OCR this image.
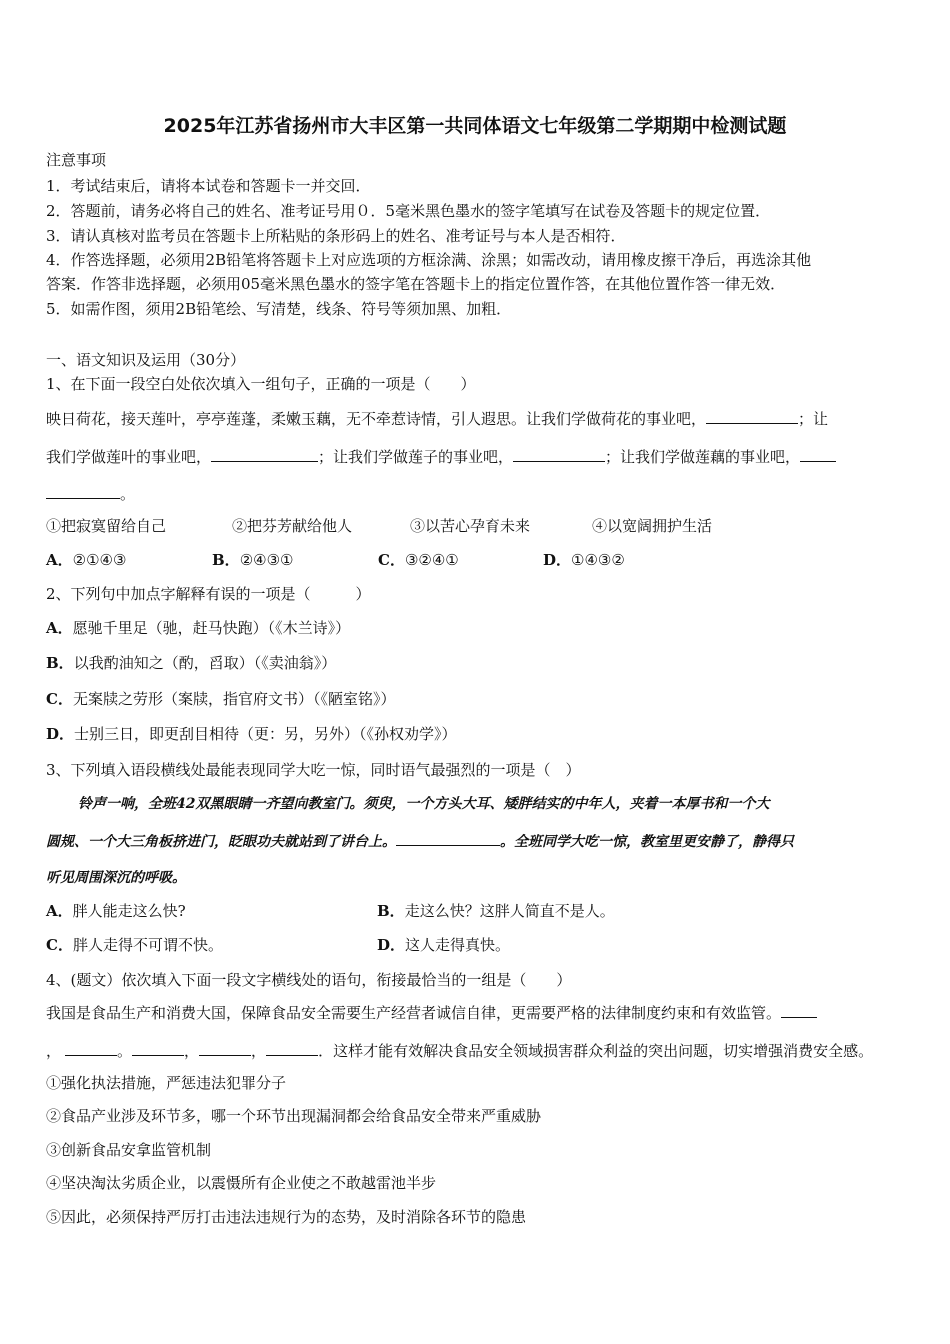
2025年江苏省扬州市大丰区第一共同体语文七年级第二学期期中检测试题
注意事项
1．考试结束后，请将本试卷和答题卡一并交回．
2．答题前，请务必将自己的姓名、准考证号用０．5毫米黑色墨水的签字笔填写在试卷及答题卡的规定位置．
3．请认真核对监考员在答题卡上所粘贴的条形码上的姓名、准考证号与本人是否相符．
4．作答选择题，必须用2B铅笔将答题卡上对应选项的方框涂满、涂黑；如需改动，请用橡皮擦干净后，再选涂其他
答案．作答非选择题，必须用05毫米黑色墨水的签字笔在答题卡上的指定位置作答，在其他位置作答一律无效．
5．如需作图，须用2B铅笔绘、写清楚，线条、符号等须加黑、加粗．
一、语文知识及运用（30分）
1、在下面一段空白处依次填入一组句子，正确的一项是（　　）
映日荷花，接天莲叶，亭亭莲蓬，柔嫩玉藕，无不牵惹诗情，引人遐思。让我们学做荷花的事业吧，	；让
我们学做莲叶的事业吧，	；让我们学做莲子的事业吧，	；让我们学做莲藕的事业吧，
。
①把寂寞留给自己	②把芬芳献给他人	③以苦心孕育未来	④以宽阔拥护生活
A．②①④③	B．②④③①	C．③②④①	D．①④③②
2、下列句中加点字解释有误的一项是（　　　）
A．愿驰千里足（驰，赶马快跑）（《木兰诗》）
B．以我酌油知之（酌，舀取）（《卖油翁》）
C．无案牍之劳形（案牍，指官府文书）（《陋室铭》）
D．士别三日，即更刮目相待（更：另，另外）（《孙权劝学》）
3、下列填入语段横线处最能表现同学大吃一惊，同时语气最强烈的一项是（　）
铃声一响，全班42双黑眼睛一齐望向教室门。须臾，一个方头大耳、矮胖结实的中年人，夹着一本厚书和一个大
圆规、一个大三角板挤进门，眨眼功夫就站到了讲台上。	。全班同学大吃一惊，教室里更安静了，静得只
听见周围深沉的呼吸。
A．胖人能走这么快?	B．走这么快？这胖人简直不是人。
C．胖人走得不可谓不快。	D．这人走得真快。
4、(题文）依次填入下面一段文字横线处的语句，衔接最恰当的一组是（　　）
我国是食品生产和消费大国，保障食品安全需要生产经营者诚信自律，更需要严格的法律制度约束和有效监管。
，	。	，	，	．这样才能有效解决食品安全领域损害群众利益的突出问题，切实增强消费安全感。
①强化执法措施，严惩违法犯罪分子
②食品产业涉及环节多，哪一个环节出现漏洞都会给食品安全带来严重威胁
③创新食品安拿监管机制
④坚决淘汰劣质企业，以震慑所有企业使之不敢越雷池半步
⑤因此，必须保持严厉打击违法违规行为的态势，及时消除各环节的隐患
